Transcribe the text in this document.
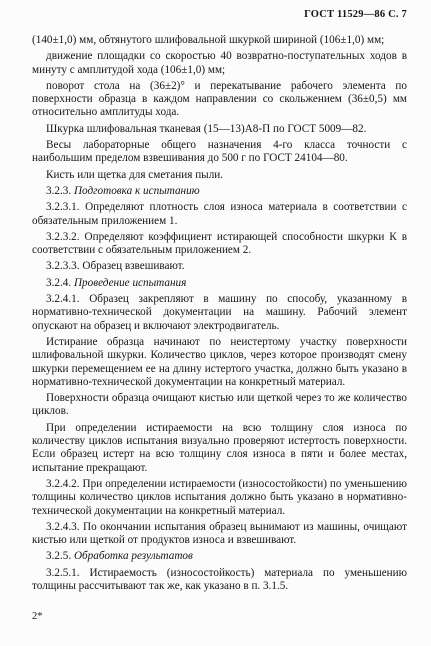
ГОСТ 11529—86 С. 7

(140±1,0) мм, обтянутого шлифовальной шкуркой шириной (106±1,0) мм;

движение площадки со скоростью 40 возвратно-поступательных ходов в минуту с амплитудой хода (106±1,0) мм;

поворот стола на (36±2)° и перекатывание рабочего элемента по поверхности образца в каждом направлении со скольжением (36±0,5) мм относительно амплитуды хода.

Шкурка шлифовальная тканевая (15—13)А8-П по ГОСТ 5009—82.

Весы лабораторные общего назначения 4-го класса точности с наибольшим пределом взвешивания до 500 г по ГОСТ 24104—80.

Кисть или щетка для сметания пыли.

3.2.3. Подготовка к испытанию

3.2.3.1. Определяют плотность слоя износа материала в соответствии с обязательным приложением 1.

3.2.3.2. Определяют коэффициент истирающей способности шкурки К в соответствии с обязательным приложением 2.

3.2.3.3. Образец взвешивают.

3.2.4. Проведение испытания

3.2.4.1. Образец закрепляют в машину по способу, указанному в нормативно-технической документации на машину. Рабочий элемент опускают на образец и включают электродвигатель.

Истирание образца начинают по неистертому участку поверхности шлифовальной шкурки. Количество циклов, через которое производят смену шкурки перемещением ее на длину истертого участка, должно быть указано в нормативно-технической документации на конкретный материал.

Поверхности образца очищают кистью или щеткой через то же количество циклов.

При определении истираемости на всю толщину слоя износа по количеству циклов испытания визуально проверяют истертость поверхности. Если образец истерт на всю толщину слоя износа в пяти и более местах, испытание прекращают.

3.2.4.2. При определении истираемости (износостойкости) по уменьшению толщины количество циклов испытания должно быть указано в нормативно-технической документации на конкретный материал.

3.2.4.3. По окончании испытания образец вынимают из машины, очищают кистью или щеткой от продуктов износа и взвешивают.

3.2.5. Обработка результатов

3.2.5.1. Истираемость (износостойкость) материала по уменьшению толщины рассчитывают так же, как указано в п. 3.1.5.

2*
